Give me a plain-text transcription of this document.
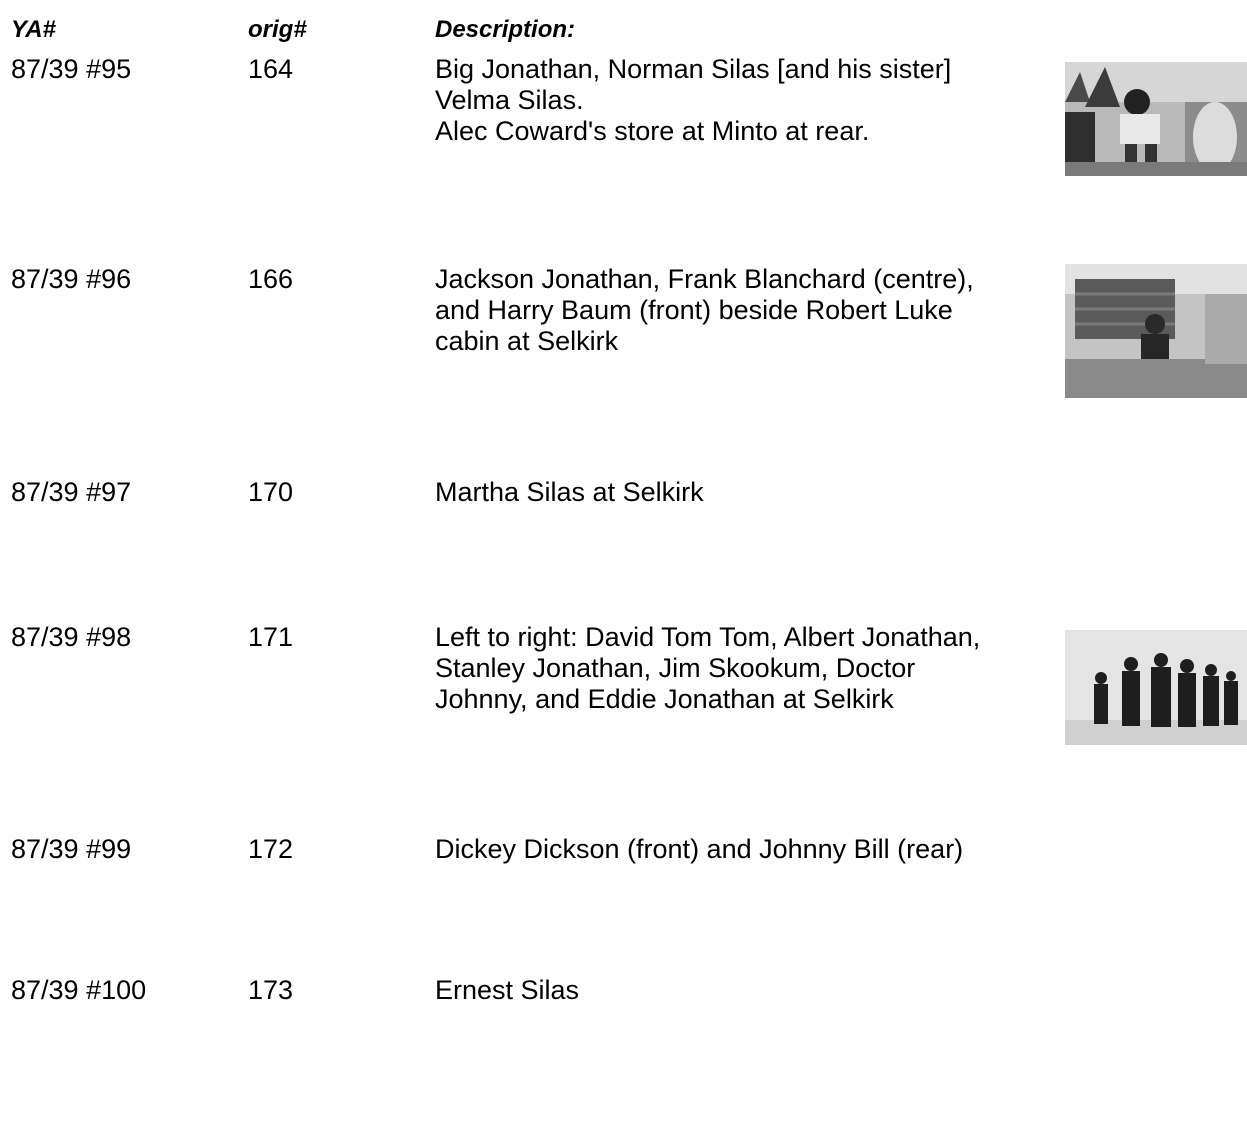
YA#	orig#	Description:
87/39 #95	164	Big Jonathan, Norman Silas [and his sister]
Velma Silas.
Alec Coward's store at Minto at rear.
87/39 #96	166	Jackson Jonathan, Frank Blanchard (centre),
and Harry Baum (front) beside Robert Luke
cabin at Selkirk
87/39 #97	170	Martha Silas at Selkirk
87/39 #98	171	Left to right: David Tom Tom, Albert Jonathan,
Stanley Jonathan, Jim Skookum, Doctor
Johnny, and Eddie Jonathan at Selkirk
87/39 #99	172	Dickey Dickson (front) and Johnny Bill (rear)
87/39 #100	173	Ernest Silas
